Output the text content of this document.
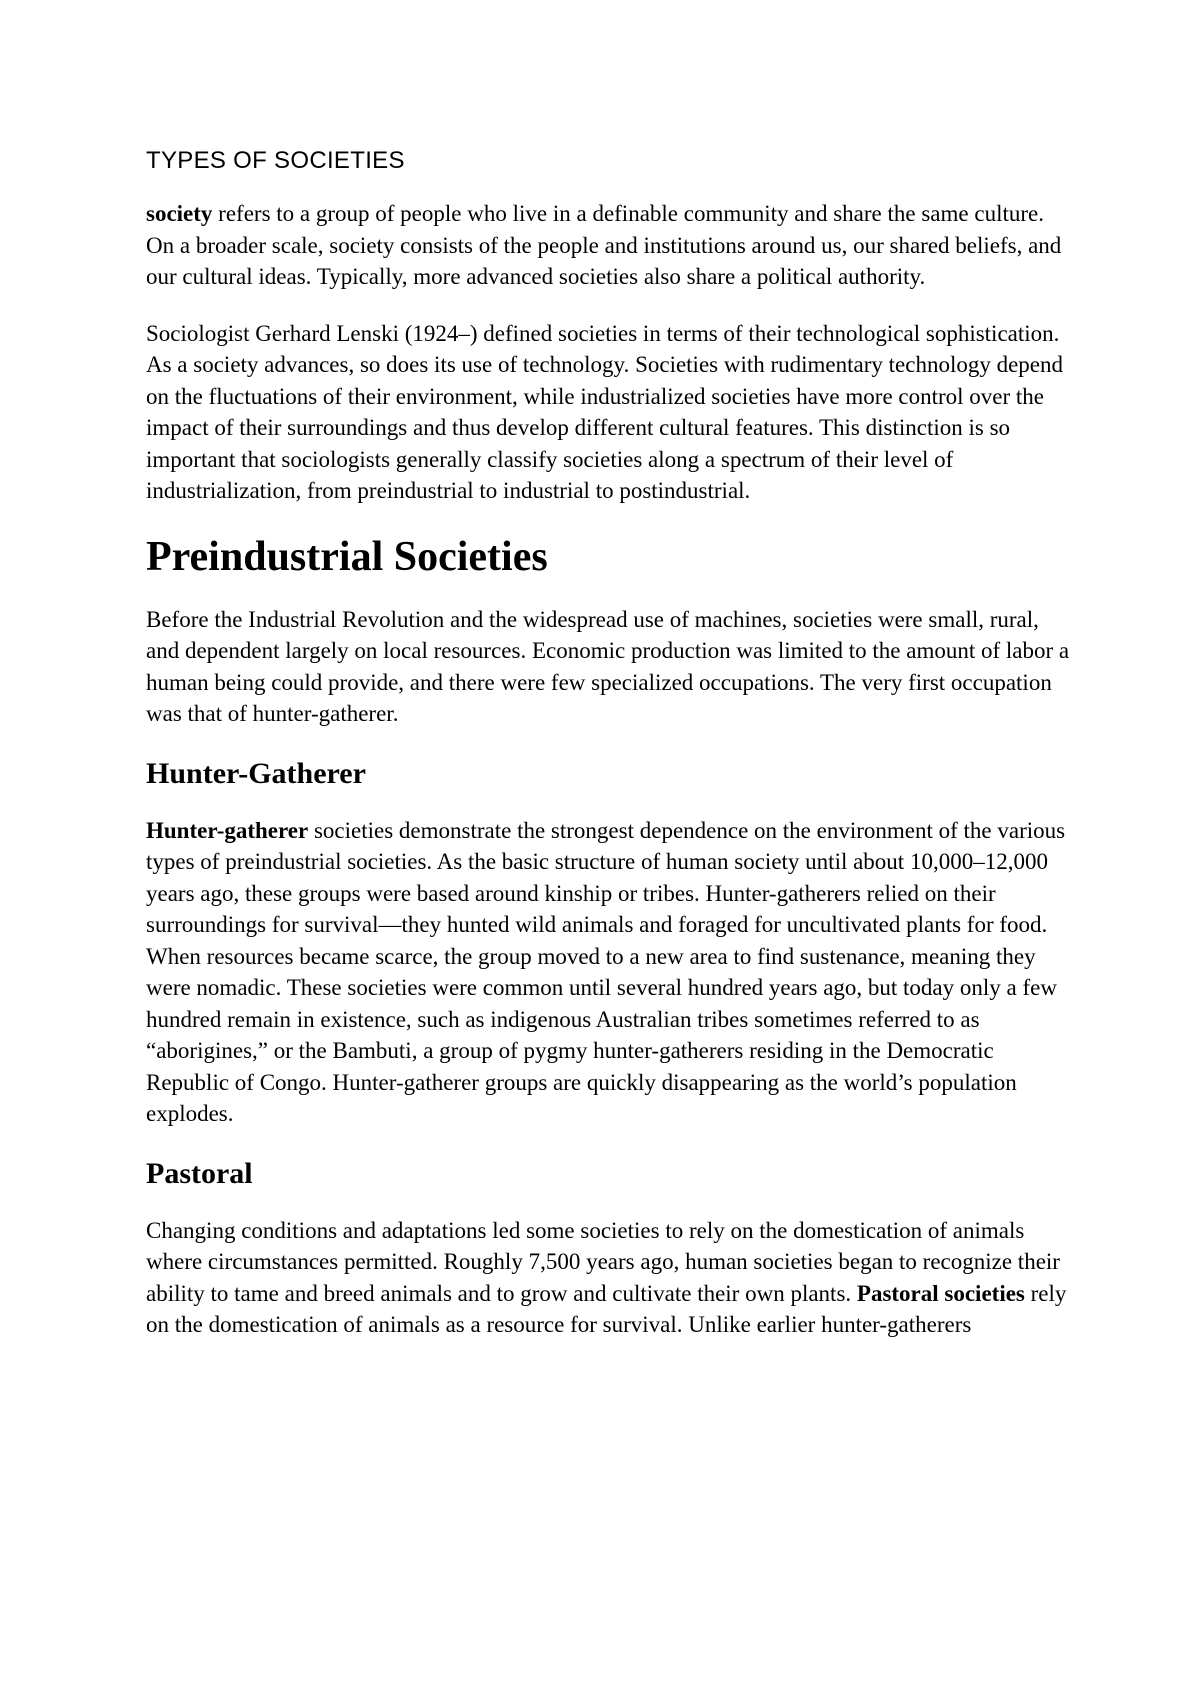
TYPES OF SOCIETIES

society refers to a group of people who live in a definable community and share the same culture. On a broader scale, society consists of the people and institutions around us, our shared beliefs, and our cultural ideas. Typically, more advanced societies also share a political authority.

Sociologist Gerhard Lenski (1924–) defined societies in terms of their technological sophistication. As a society advances, so does its use of technology. Societies with rudimentary technology depend on the fluctuations of their environment, while industrialized societies have more control over the impact of their surroundings and thus develop different cultural features. This distinction is so important that sociologists generally classify societies along a spectrum of their level of industrialization, from preindustrial to industrial to postindustrial.

Preindustrial Societies

Before the Industrial Revolution and the widespread use of machines, societies were small, rural, and dependent largely on local resources. Economic production was limited to the amount of labor a human being could provide, and there were few specialized occupations. The very first occupation was that of hunter-gatherer.

Hunter-Gatherer

Hunter-gatherer societies demonstrate the strongest dependence on the environment of the various types of preindustrial societies. As the basic structure of human society until about 10,000–12,000 years ago, these groups were based around kinship or tribes. Hunter-gatherers relied on their surroundings for survival—they hunted wild animals and foraged for uncultivated plants for food. When resources became scarce, the group moved to a new area to find sustenance, meaning they were nomadic. These societies were common until several hundred years ago, but today only a few hundred remain in existence, such as indigenous Australian tribes sometimes referred to as “aborigines,” or the Bambuti, a group of pygmy hunter-gatherers residing in the Democratic Republic of Congo. Hunter-gatherer groups are quickly disappearing as the world’s population explodes.

Pastoral

Changing conditions and adaptations led some societies to rely on the domestication of animals where circumstances permitted. Roughly 7,500 years ago, human societies began to recognize their ability to tame and breed animals and to grow and cultivate their own plants. Pastoral societies rely on the domestication of animals as a resource for survival. Unlike earlier hunter-gatherers
